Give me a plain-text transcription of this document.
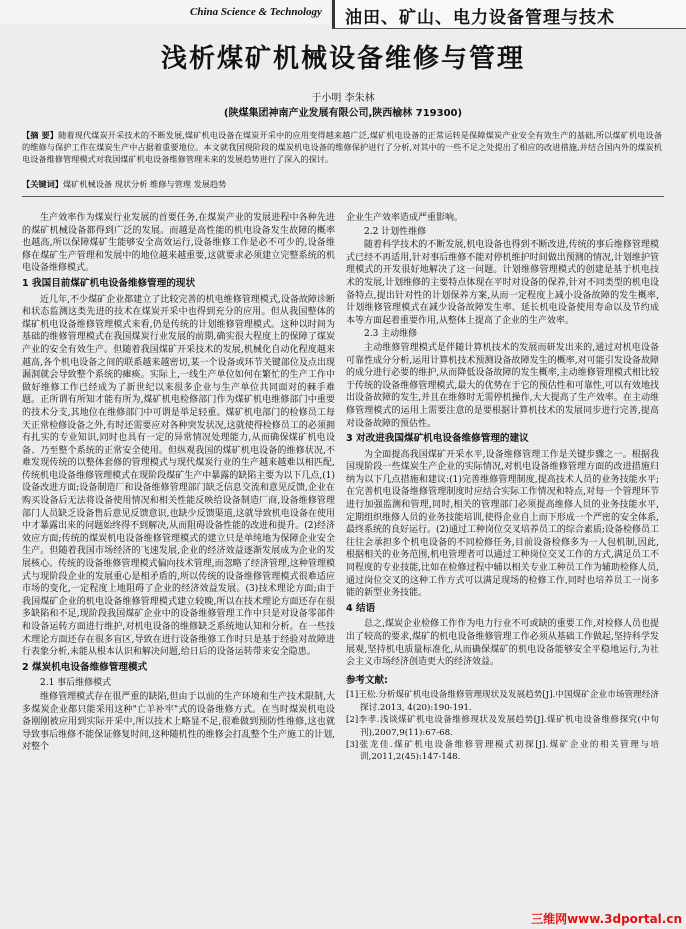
China Science & Technology 油田、矿山、电力设备管理与技术
浅析煤矿机械设备维修与管理
于小明 李朱林
(陕煤集团神南产业发展有限公司,陕西榆林 719300)
【摘 要】随着现代煤炭开采技术的不断发展,煤矿机电设备在煤炭开采中的应用变得越来越广泛,煤矿机电设备的正常运转是保障煤炭产业安全有效生产的基础,所以煤矿机电设备的维修与保护工作在煤炭生产中占据着重要地位。本文就我国现阶段的煤炭机电设备的维修保护进行了分析,对其中的一些不足之处提出了相应的改进措施,并结合国内外的煤炭机电设备维修管理模式对我国煤矿机电设备维修管理未来的发展趋势进行了深入的探讨。
【关键词】煤矿机械设备 现状分析 维修与管理 发展趋势

生产效率作为煤炭行业发展的首要任务,在煤炭产业的发展进程中各种先进的煤矿机械设备都得到广泛的发展。而越是高性能的机电设备发生故障的概率也越高,所以保障煤矿生能够安全高效运行,设备维修工作是必不可少的,设备维修在煤矿生产管理和发展中的地位越来越重要,这就要求必须建立完整系统的机电设备维修模式。

1 我国目前煤矿机电设备维修管理的现状

近几年,不少煤矿企业都建立了比较完善的机电维修管理模式,设备故障诊断和状态监测这类先进的技术在煤炭开采中也得到充分的应用。但从我国整体的煤矿机电设备维修管理模式来看,仍是传统的计划维修管理模式。这种以时间为基础的维修管理模式在我国煤炭行业发展的前期,确实很大程度上的保障了煤炭产业的安全有效生产。但随着我国煤矿开采技术的发展,机械化自动化程度越来越高,各个机电设备之间的联系越来越密切,某一个设备或环节关键部位及点出现漏洞就会导致整个系统的瘫痪。实际上,一线生产单位如何在繁忙的生产工作中做好维修工作已经成为了新世纪以来很多企业与生产单位共同面对的棘手难题。正所谓有所知才能有所为,煤矿机电检修部门作为煤矿机电维修部门中重要的技术分支,其地位在维修部门中可谓是举足轻重。煤矿机电部门的检修员工每天正常检修设备之外,有时还需要应对各种突发状况,这就使得检修员工的必须拥有扎实的专业知识,同时也具有一定的异常情况处理能力,从而确保煤矿机电设备、乃至整个系统的正常安全使用。但纵观我国的煤矿机电设备的维修状况,不难发现传统的以整体套修的管理模式与现代煤炭行业的生产越来越难以相匹配,传统机电设备维修管理模式在现阶段煤矿生产中暴露的缺陷主要为以下几点,(1)设备改进方面;设备制造厂和设备维修管理部门缺乏信息交流和意见反馈,企业在购买设备后无法将设备使用情况和相关性能反映给设备制造厂商,设备维修管理部门人员缺乏设备售后意见反馈意识,也缺少反馈渠道,这就导致机电设备在使用中才暴露出来的问题始终得不到解决,从而阻碍设备性能的改进和提升。(2)经济效应方面;传统的煤炭机电设备维修管理模式的建立只是单纯地为保障企业安全生产。但随着我国市场经济的飞速发展,企业的经济效益逐渐发展成为企业的发展核心。传统的设备维修管理模式偏向技术管理,而忽略了经济管理,这种管理模式与现阶段企业的发展重心是相矛盾的,所以传统的设备维修管理模式很难适应市场的变化,一定程度上地阻碍了企业的经济效益发展。(3)技术理论方面;由于我国煤矿企业的机电设备维修管理模式建立较晚,所以在技术理论方面还存在很多缺陷和不足,现阶段我国煤矿企业中的设备维修管理工作中只是对设备零部件和设备运转方面进行维护,对机电设备的维修缺乏系统地认知和分析。在一些技术理论方面还存在很多盲区,导致在进行设备维修工作时只是基于经验对故障进行表象分析,未能从根本认识和解决问题,给日后的设备运转带来安全隐患。

2 煤炭机电设备维修管理模式
2.1 事后维修模式

维修管理模式存在很严重的缺陷,但由于以前的生产环境和生产技术限制,大多煤炭企业都只能采用这种"亡羊补牢"式的设备维修方式。在当时煤炭机电设备刚刚被应用到实际开采中,所以技术上略显不足,很难做到预防性维修,这也就导致事后维修不能保证修复时间,这种随机性的维修会打乱整个生产施工的计划,对整个

企业生产效率造成严重影响。

2.2 计划性维修

随着科学技术的不断发展,机电设备也得到不断改进,传统的事后维修管理模式已经不再适用,针对事后维修不能对停机维护时间做出预测的情况,计划维护管理模式的开发很好地解决了这一问题。计划维修管理模式的创建是基于机电技术的发展,计划维修的主要特点体现在平时对设备的保养,针对不同类型的机电设备特点,提出针对性的计划保养方案,从而一定程度上减小设备故障的发生概率,计划维修管理模式在减少设备故障发生率、延长机电设备使用寿命以及节约成本等方面起着重要作用,从整体上提高了企业的生产效率。

2.3 主动维修

主动维修管理模式是伴随计算机技术的发展而研发出来的,通过对机电设备可靠性成分分析,运用计算机技术预测设备故障发生的概率,对可能引发设备故障的成分进行必要的维护,从而降低设备故障的发生概率,主动维修管理模式相比较于传统的设备维修管理模式,最大的优势在于它的预估性和可靠性,可以有效地找出设备故障的发生,并且在维修时无需停机操作,大大提高了生产效率。在主动维修管理模式的运用上需要注意的是要根据计算机技术的发展同步进行完善,提高对设备故障的预估性。

3 对改进我国煤矿机电设备维修管理的建议

为全面提高我国煤矿开采水平,设备维修管理工作是关键步骤之一。根据我国现阶段一些煤炭生产企业的实际情况,对机电设备维修管理方面的改进措施归纳为以下几点措施和建议:(1)完善维修管理制度,提高技术人员的业务技能水平;在完善机电设备维修管理制度时应结合实际工作情况和特点,对每一个管理环节进行加强监测和管理,同时,相关的管理部门必须提高维修人员的业务技能水平,定期组织维修人员的业务技能培训,使得企业自上而下形成一个严密的安全体系,最终系统的良好运行。(2)通过工种岗位交叉培养员工的综合素质;设备检修员工往往会承担多个机电设备的不同检修任务,目前设备检修多为一人包机制,因此,根据相关的业务范围,机电管理者可以通过工种岗位交叉工作的方式,满足员工不同程度的专业技能,比如在检修过程中辅以相关专业工种员工作为辅助检修人员,通过岗位交叉的这种工作方式可以满足现场的检修工作,同时也培养员工一岗多能的新型业务技能。

4 结语

总之,煤炭企业检修工作作为电力行业不可或缺的重要工作,对检修人员也提出了较高的要求,煤矿的机电设备维修管理工作必须从基础工作做起,坚持科学发展观,坚持机电质量标准化,从而确保煤矿的机电设备能够安全平稳地运行,为社会主义市场经济创造更大的经济效益。

参考文献:
[1]王松.分析煤矿机电设备维修管理现状及发展趋势[J].中国煤矿企业市场管理经济探讨.2013, 4(20):190-191.
[2]李孝.浅谈煤矿机电设备维修现状及发展趋势[J].煤矿机电设备维修探究(中旬刊),2007,9(11):67-68.
[3]张龙佳.煤矿机电设备维修管理模式初探[J].煤矿企业的相关管理与培训,2011,2(45):147-148.
三维网www.3dportal.cn
